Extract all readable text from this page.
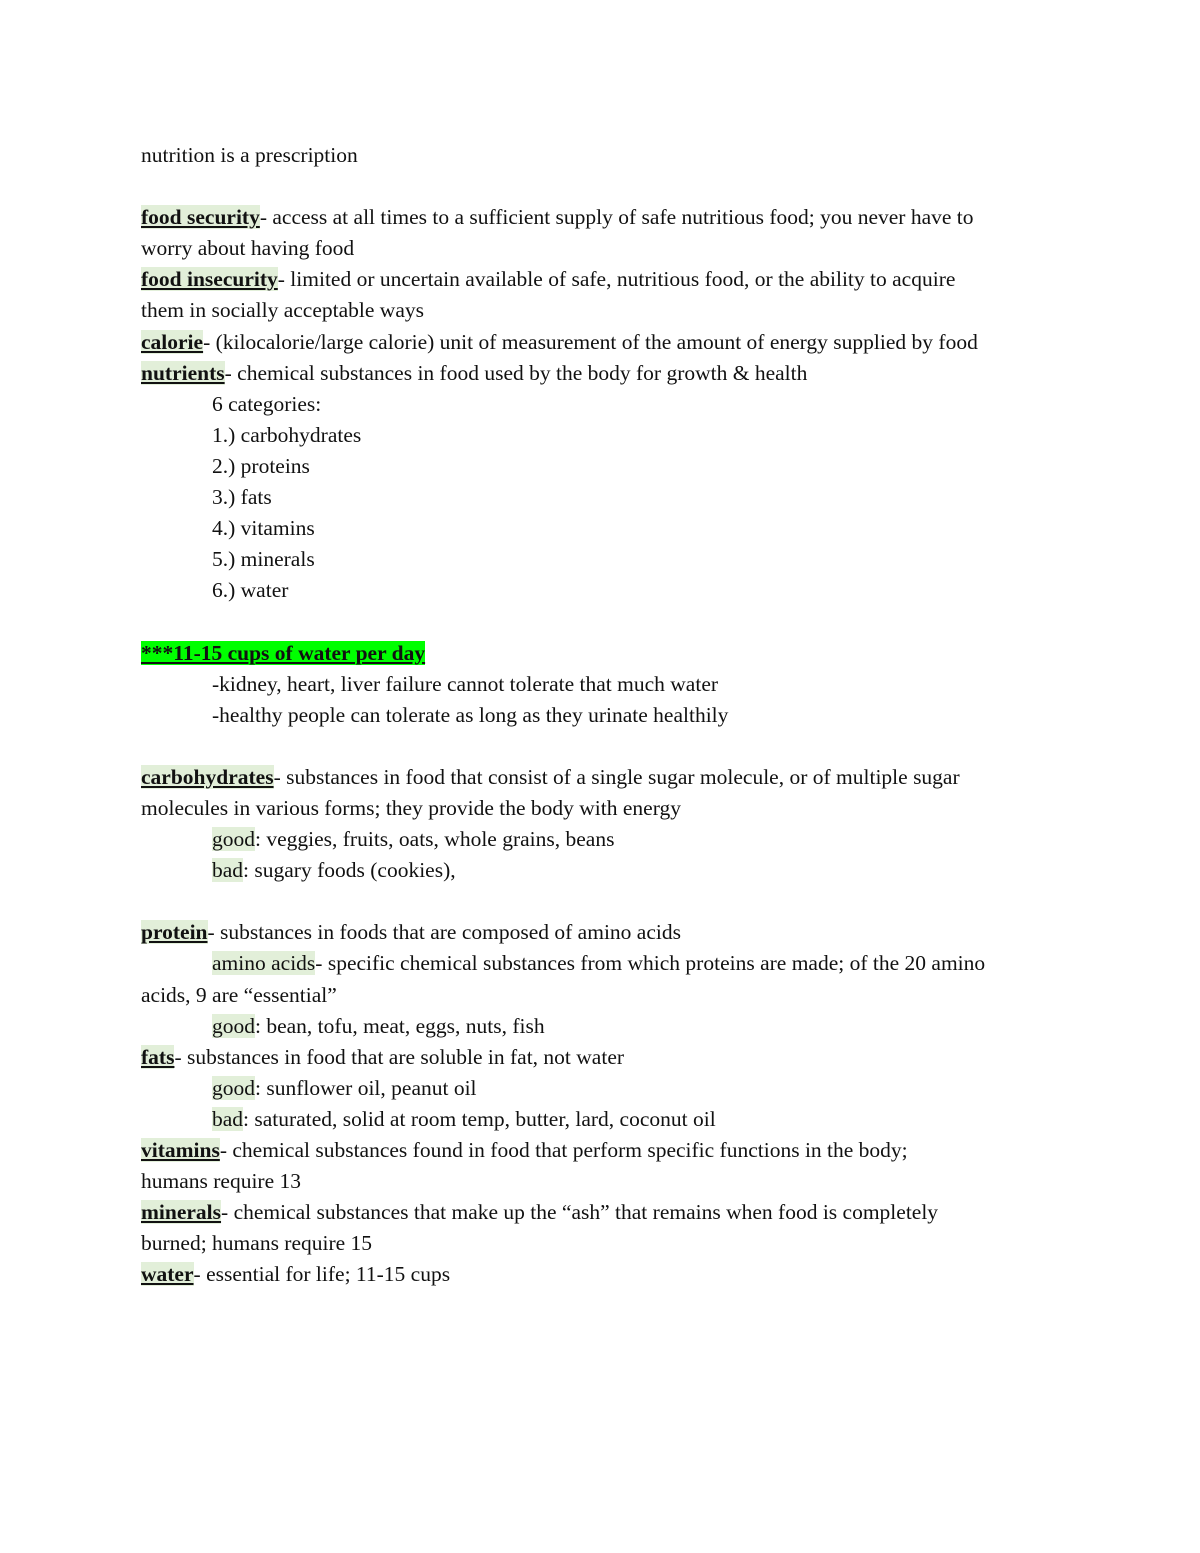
nutrition is a prescription
food security- access at all times to a sufficient supply of safe nutritious food; you never have to
worry about having food
food insecurity- limited or uncertain available of safe, nutritious food, or the ability to acquire
them in socially acceptable ways
calorie- (kilocalorie/large calorie) unit of measurement of the amount of energy supplied by food
nutrients- chemical substances in food used by the body for growth & health
6 categories:
1.) carbohydrates
2.) proteins
3.) fats
4.) vitamins
5.) minerals
6.) water
***11-15 cups of water per day
-kidney, heart, liver failure cannot tolerate that much water
-healthy people can tolerate as long as they urinate healthily
carbohydrates- substances in food that consist of a single sugar molecule, or of multiple sugar
molecules in various forms; they provide the body with energy
good: veggies, fruits, oats, whole grains, beans
bad: sugary foods (cookies),
protein- substances in foods that are composed of amino acids
amino acids- specific chemical substances from which proteins are made; of the 20 amino
acids, 9 are “essential”
good: bean, tofu, meat, eggs, nuts, fish
fats- substances in food that are soluble in fat, not water
good: sunflower oil, peanut oil
bad: saturated, solid at room temp, butter, lard, coconut oil
vitamins- chemical substances found in food that perform specific functions in the body;
humans require 13
minerals- chemical substances that make up the “ash” that remains when food is completely
burned; humans require 15
water- essential for life; 11-15 cups
